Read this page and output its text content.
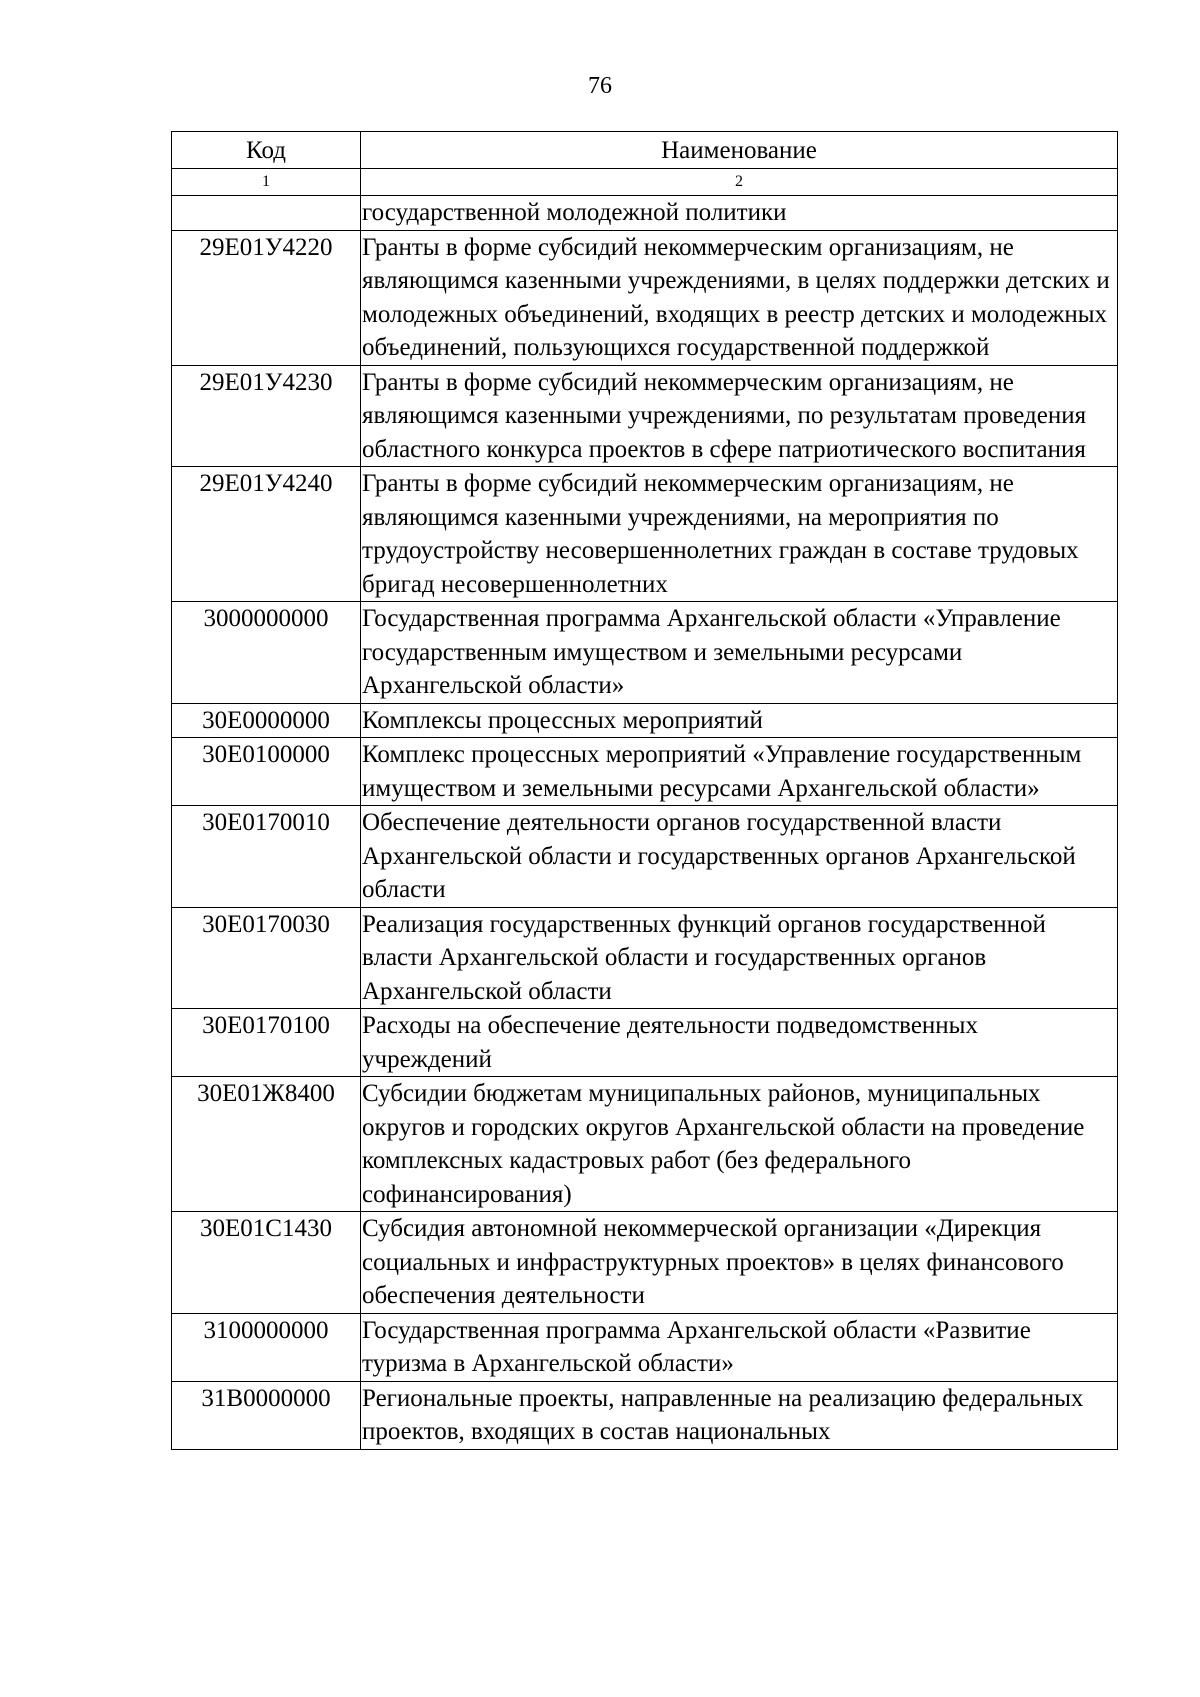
76
Код	Наименование
1	2
	государственной молодежной политики
29Е01У4220	Гранты в форме субсидий некоммерческим организациям, не являющимся казенными учреждениями, в целях поддержки детских и молодежных объединений, входящих в реестр детских и молодежных объединений, пользующихся государственной поддержкой
29Е01У4230	Гранты в форме субсидий некоммерческим организациям, не являющимся казенными учреждениями, по результатам проведения областного конкурса проектов в сфере патриотического воспитания
29Е01У4240	Гранты в форме субсидий некоммерческим организациям, не являющимся казенными учреждениями, на мероприятия по трудоустройству несовершеннолетних граждан в составе трудовых бригад несовершеннолетних
3000000000	Государственная программа Архангельской области «Управление государственным имуществом и земельными ресурсами Архангельской области»
30Е0000000	Комплексы процессных мероприятий
30Е0100000	Комплекс процессных мероприятий «Управление государственным имуществом и земельными ресурсами Архангельской области»
30Е0170010	Обеспечение деятельности органов государственной власти Архангельской области и государственных органов Архангельской области
30Е0170030	Реализация государственных функций органов государственной власти Архангельской области и государственных органов Архангельской области
30Е0170100	Расходы на обеспечение деятельности подведомственных учреждений
30Е01Ж8400	Субсидии бюджетам муниципальных районов, муниципальных округов и городских округов Архангельской области на проведение комплексных кадастровых работ (без федерального софинансирования)
30Е01С1430	Субсидия автономной некоммерческой организации «Дирекция социальных и инфраструктурных проектов» в целях финансового обеспечения деятельности
3100000000	Государственная программа Архангельской области «Развитие туризма в Архангельской области»
31В0000000	Региональные проекты, направленные на реализацию федеральных проектов, входящих в состав национальных
